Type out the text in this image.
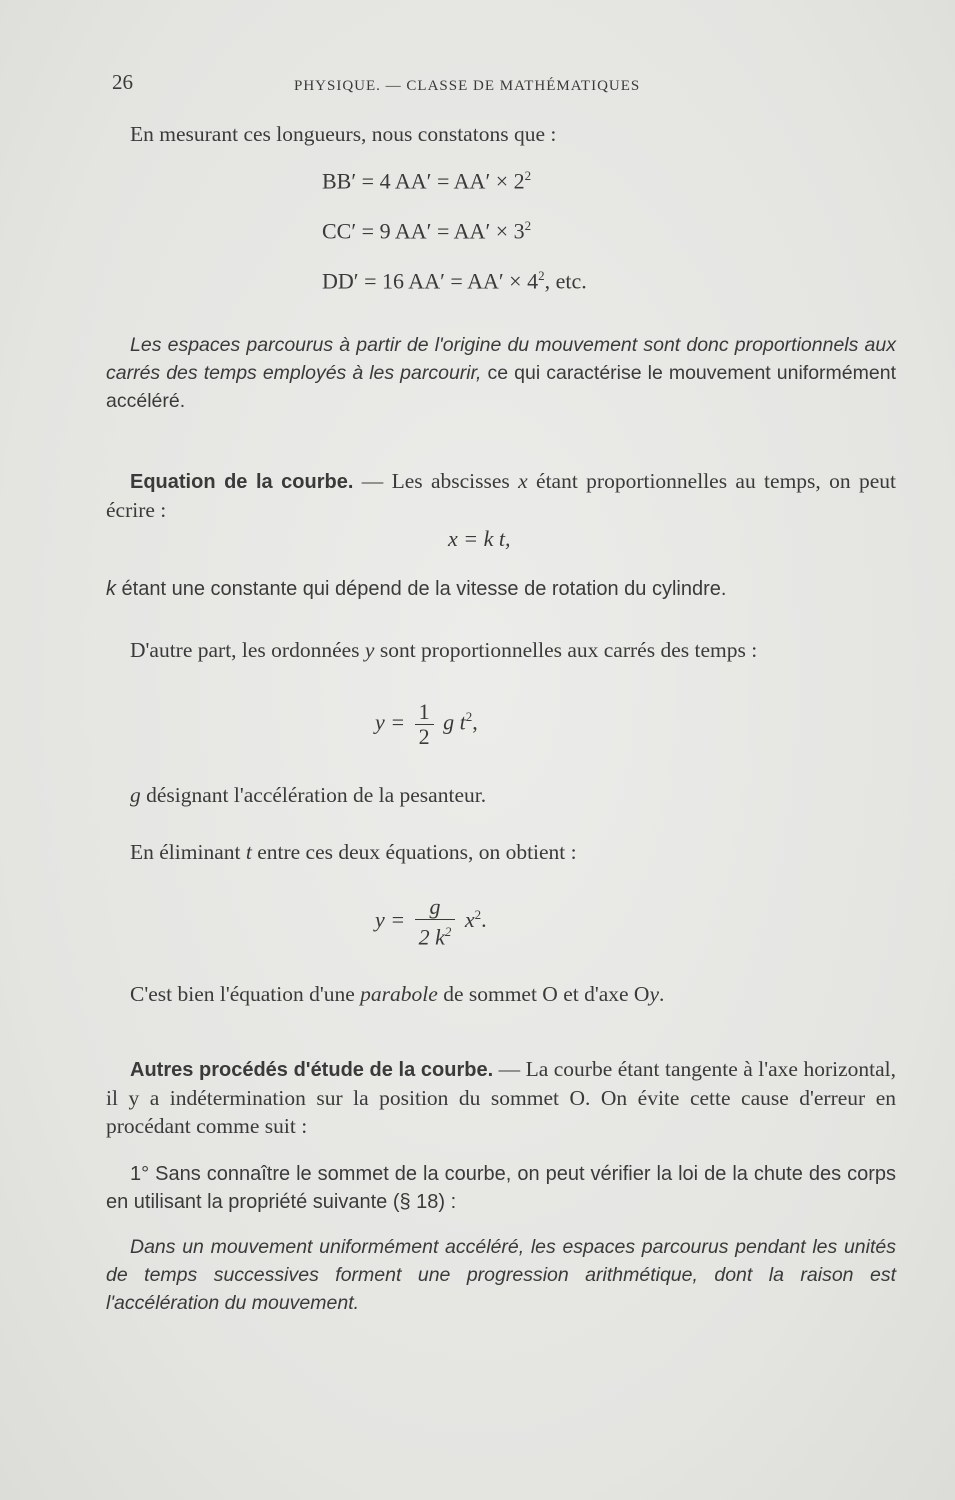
26	PHYSIQUE. — CLASSE DE MATHÉMATIQUES
En mesurant ces longueurs, nous constatons que :
BB′ = 4 $AA' = AA' \times 2^2$
CC′ = 9 $AA' = AA' \times 3^2$
DD′ = 16 $AA' = AA' \times 4^2$, etc.
Les espaces parcourus à partir de l'origine du mouvement sont donc proportionnels aux carrés des temps employés à les parcourir, ce qui caractérise le mouvement uniformément accéléré.
Equation de la courbe. — Les abscisses x étant proportionnelles au temps, on peut écrire :
x = k t,
k étant une constante qui dépend de la vitesse de rotation du cylindre.
D'autre part, les ordonnées y sont proportionnelles aux carrés des temps :
$y = \frac{1}{2}$ g $t^2$,
g désignant l'accélération de la pesanteur.
En éliminant t entre ces deux équations, on obtient :
$y = \frac{g}{2 k^2} x^2$.
C'est bien l'équation d'une parabole de sommet O et d'axe Oy.
Autres procédés d'étude de la courbe. — La courbe étant tangente à l'axe horizontal, il y a indétermination sur la position du sommet O. On évite cette cause d'erreur en procédant comme suit :
1° Sans connaître le sommet de la courbe, on peut vérifier la loi de la chute des corps en utilisant la propriété suivante (§ 18) :
Dans un mouvement uniformément accéléré, les espaces parcourus pendant les unités de temps successives forment une progression arithmétique, dont la raison est l'accélération du mouvement.
